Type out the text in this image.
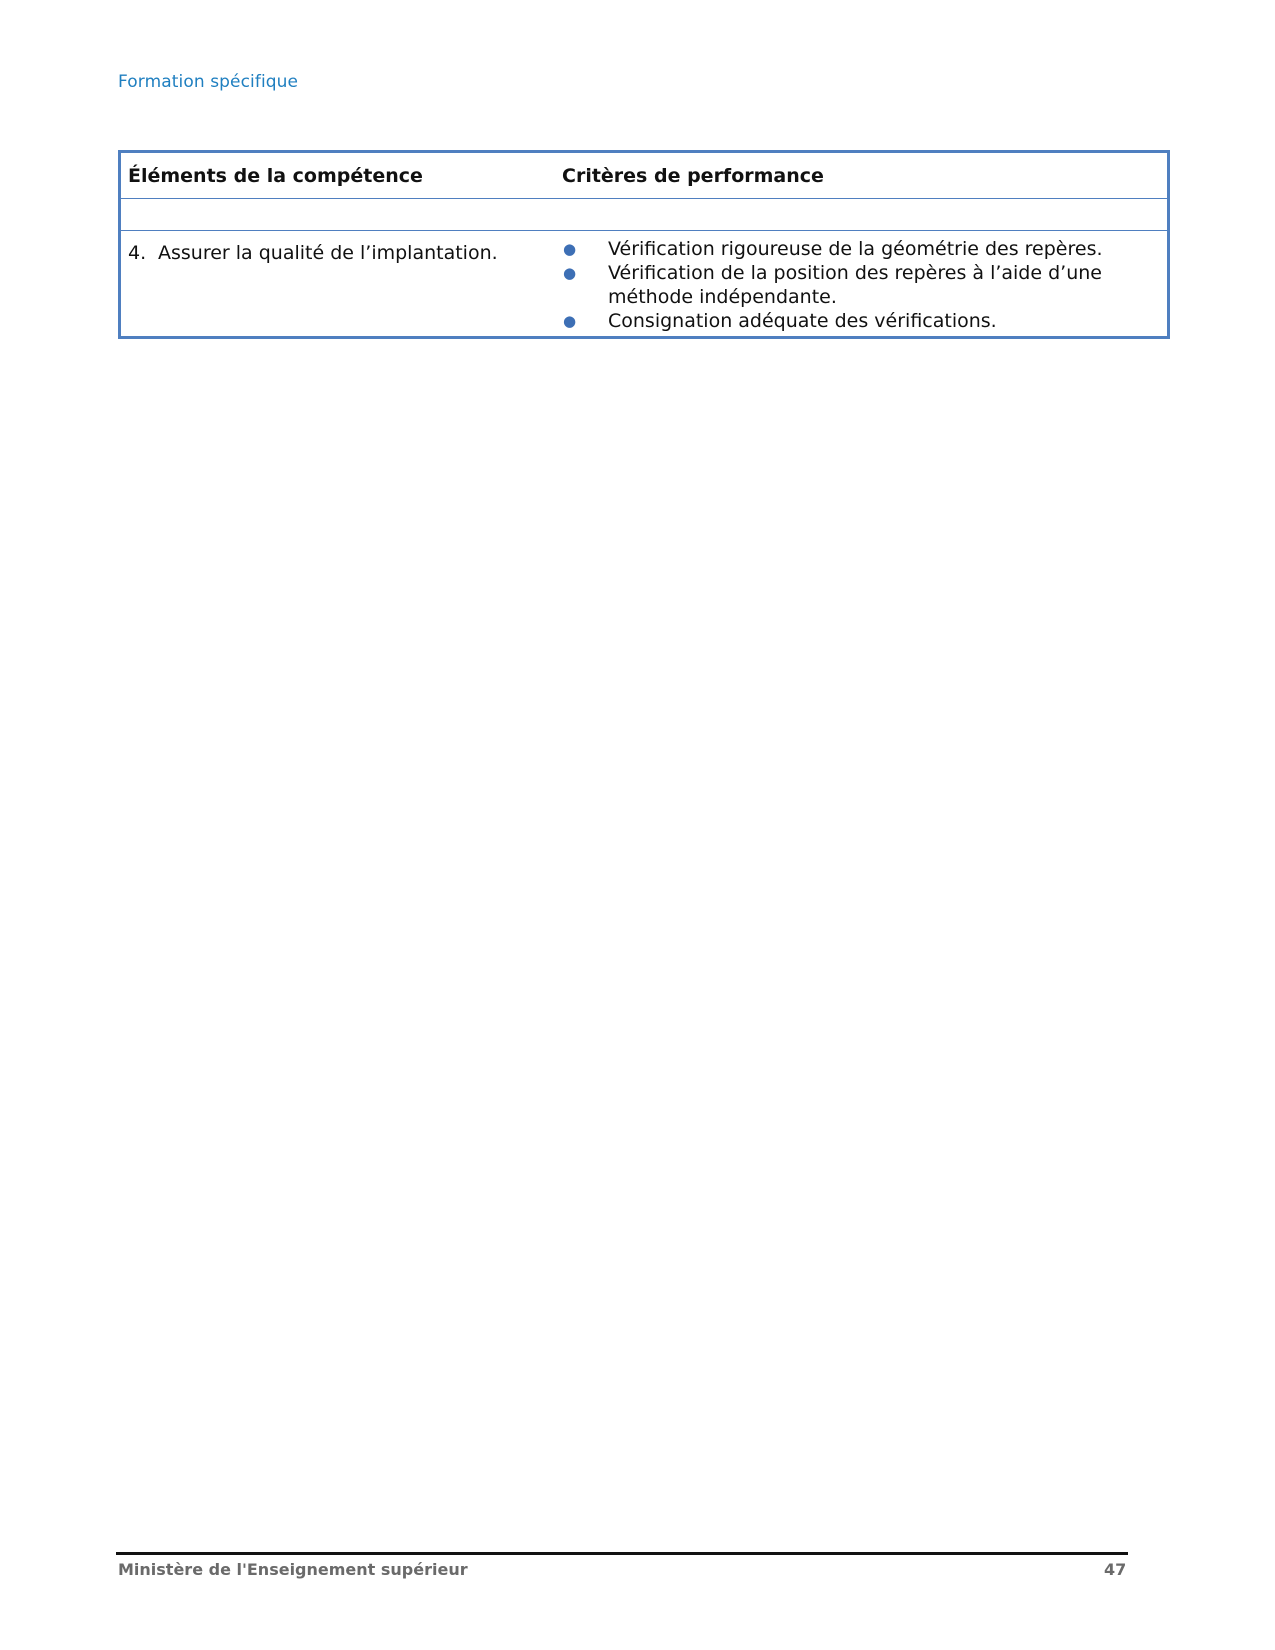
Formation spécifique
Éléments de la compétence	Critères de performance
4. Assurer la qualité de l’implantation.	●	Vérification rigoureuse de la géométrie des repères.
●	Vérification de la position des repères à l’aide d’une méthode indépendante.
●	Consignation adéquate des vérifications.
Ministère de l'Enseignement supérieur	47
